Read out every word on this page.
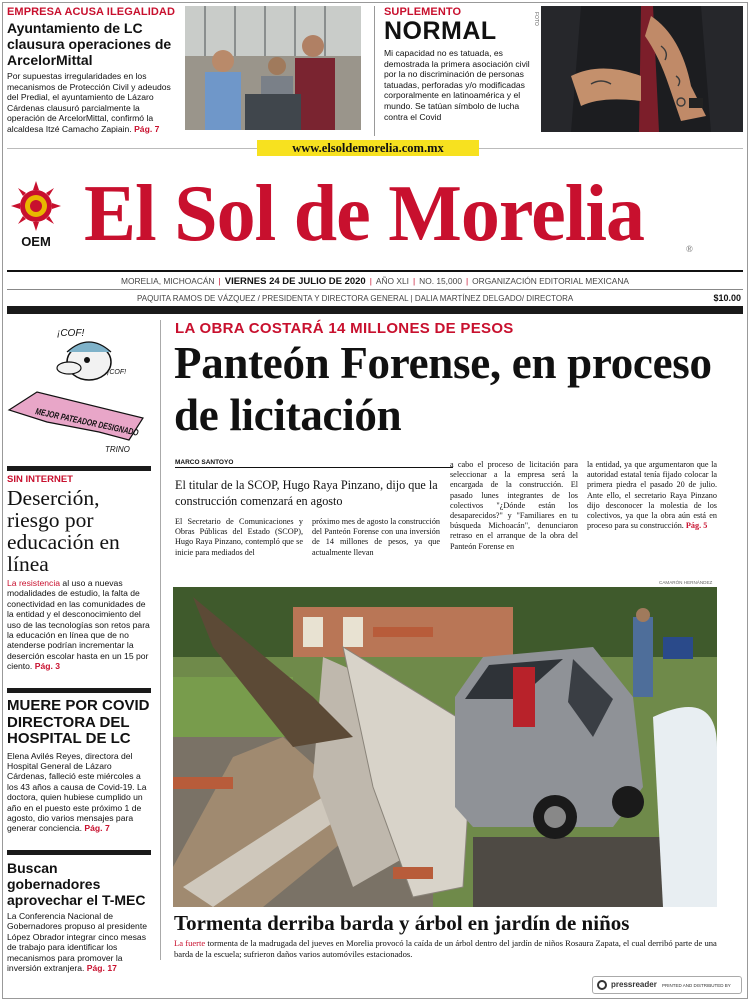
EMPRESA ACUSA ILEGALIDAD
Ayuntamiento de LC clausura operaciones de ArcelorMittal

Por supuestas irregularidades en los mecanismos de Protección Civil y adeudos del Predial, el ayuntamiento de Lázaro Cárdenas clausuró parcialmente la operación de ArcelorMittal, confirmó la alcaldesa Itzé Camacho Zapiain. Pág. 7

SUPLEMENTO
NORMAL

Mi capacidad no es tatuada, es demostrada la primera asociación civil por la no discriminación de personas tatuadas, perforadas y/o modificadas corporalmente en latinoamérica y el mundo. Se tatúan símbolo de lucha contra el Covid

FOTO
www.elsoldemorelia.com.mx
OEM El Sol de Morelia	®
MORELIA, MICHOACÁN | VIERNES 24 DE JULIO DE 2020 | AÑO XLI | NO. 15,000 | ORGANIZACIÓN EDITORIAL MEXICANA
PAQUITA RAMOS DE VÁZQUEZ / PRESIDENTA Y DIRECTORA GENERAL | DALIA MARTÍNEZ DELGADO/ DIRECTORA	$10.00
¡COF!
¡COF!
MEJOR PATEADOR DESIGNADO
TRINO
SIN INTERNET
Deserción, riesgo por educación en línea

La resistencia al uso a nuevas modalidades de estudio, la falta de conectividad en las comunidades de la entidad y el desconocimiento del uso de las tecnologías son retos para la educación en línea que de no atenderse podrían incrementar la deserción escolar hasta en un 15 por ciento. Pág. 3

MUERE POR COVID DIRECTORA DEL HOSPITAL DE LC

Elena Avilés Reyes, directora del Hospital General de Lázaro Cárdenas, falleció este miércoles a los 43 años a causa de Covid-19. La doctora, quien hubiese cumplido un año en el puesto este próximo 1 de agosto, dio varios mensajes para generar conciencia. Pág. 7

Buscan gobernadores aprovechar el T-MEC

La Conferencia Nacional de Gobernadores propuso al presidente López Obrador integrar cinco mesas de trabajo para identificar los mecanismos para promover la inversión extranjera. Pág. 17

LA OBRA COSTARÁ 14 MILLONES DE PESOS
Panteón Forense, en proceso de licitación
MARCO SANTOYO
El titular de la SCOP, Hugo Raya Pinzano, dijo que la construcción comenzará en agosto
El Secretario de Comunicaciones y Obras Públicas del Estado (SCOP), Hugo Raya Pinzano, contempló que se inicie para mediados del
próximo mes de agosto la construcción del Panteón Forense con una inversión de 14 millones de pesos, ya que actualmente llevan
a cabo el proceso de licitación para seleccionar a la empresa será la encargada de la construcción. El pasado lunes integrantes de los colectivos "¿Dónde están los desaparecidos?" y "Familiares en tu búsqueda Michoacán", denunciaron retraso en el arranque de la obra del Panteón Forense en
la entidad, ya que argumentaron que la autoridad estatal tenía fijado colocar la primera piedra el pasado 20 de julio. Ante ello, el secretario Raya Pinzano dijo desconocer la molestia de los colectivos, ya que la obra aún está en proceso para su construcción. Pág. 5
CAMARÓN HERNÁNDEZ
Tormenta derriba barda y árbol en jardín de niños
La fuerte tormenta de la madrugada del jueves en Morelia provocó la caída de un árbol dentro del jardín de niños Rosaura Zapata, el cual derribó parte de una barda de la escuela; sufrieron daños varios automóviles estacionados.
pressreader PRINTED AND DISTRIBUTED BY
